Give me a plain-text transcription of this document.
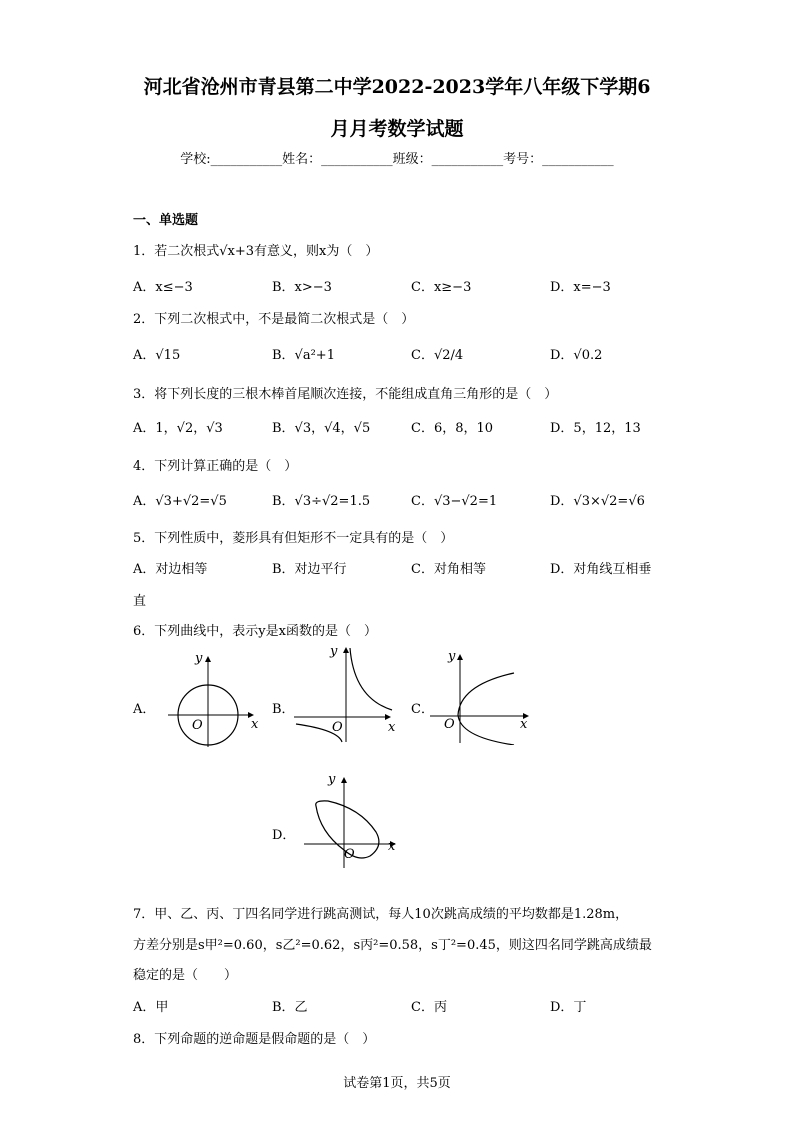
河北省沧州市青县第二中学2022-2023学年八年级下学期6
月月考数学试题
学校:___________姓名：___________班级：___________考号：___________
一、单选题
1．若二次根式√x+3有意义，则x为（　）
A．x≤−3	B．x>−3	C．x≥−3	D．x=−3
2．下列二次根式中，不是最简二次根式是（　）
A．√15	B．√a²+1	C．√2/4	D．√0.2
3．将下列长度的三根木棒首尾顺次连接，不能组成直角三角形的是（　）
A．1，√2，√3	B．√3，√4，√5	C．6，8，10	D．5，12，13
4．下列计算正确的是（　）
A．√3+√2=√5	B．√3÷√2=1.5	C．√3−√2=1	D．√3×√2=√6
5．下列性质中，菱形具有但矩形不一定具有的是（　）
A．对边相等	B．对边平行	C．对角相等	D．对角线互相垂
直
6．下列曲线中，表示y是x函数的是（　）
A．
O	x
y
B．
O	x
y
C．
O	x
y
D．
O
x
y
7．甲、乙、丙、丁四名同学进行跳高测试，每人10次跳高成绩的平均数都是1.28m，
方差分别是s甲²=0.60，s乙²=0.62，s丙²=0.58，s丁²=0.45，则这四名同学跳高成绩最
稳定的是（　　）
A．甲	B．乙	C．丙	D．丁
8．下列命题的逆命题是假命题的是（　）
试卷第1页，共5页
